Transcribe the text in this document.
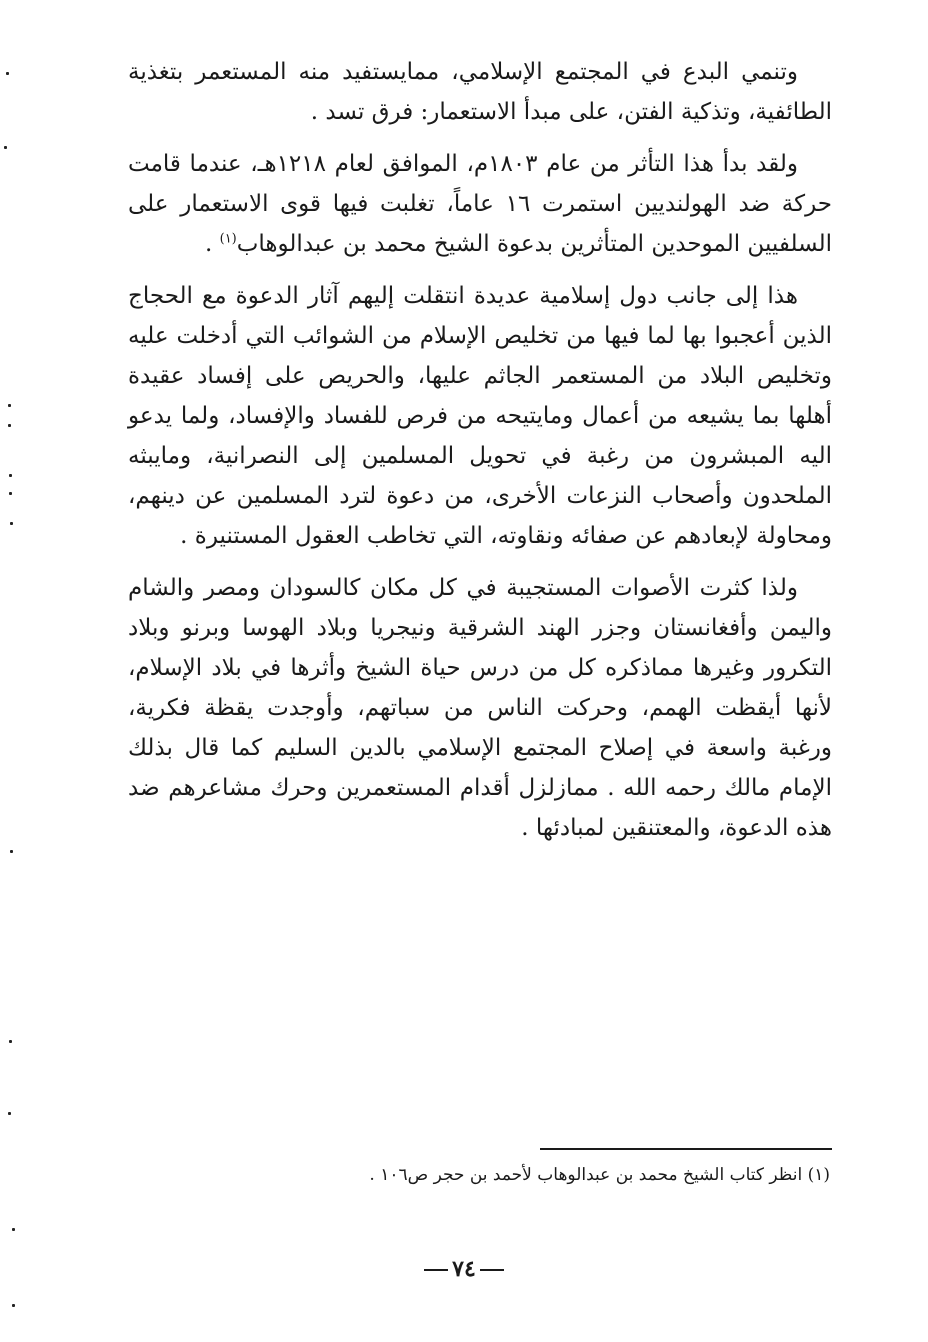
وتنمي البدع في المجتمع الإسلامي، ممايستفيد منه المستعمر بتغذية الطائفية، وتذكية الفتن، على مبدأ الاستعمار: فرق تسد .

ولقد بدأ هذا التأثر من عام ١٨٠٣م، الموافق لعام ١٢١٨هـ، عندما قامت حركة ضد الهولنديين استمرت ١٦ عاماً، تغلبت فيها قوى الاستعمار على السلفيين الموحدين المتأثرين بدعوة الشيخ محمد بن عبدالوهاب$^{(١)}$ .

هذا إلى جانب دول إسلامية عديدة انتقلت إليهم آثار الدعوة مع الحجاج الذين أعجبوا بها لما فيها من تخليص الإسلام من الشوائب التي أدخلت عليه وتخليص البلاد من المستعمر الجاثم عليها، والحريص على إفساد عقيدة أهلها بما يشيعه من أعمال ومايتيحه من فرص للفساد والإفساد، ولما يدعو اليه المبشرون من رغبة في تحويل المسلمين إلى النصرانية، ومايبثه الملحدون وأصحاب النزعات الأخرى، من دعوة لترد المسلمين عن دينهم، ومحاولة لإبعادهم عن صفائه ونقاوته، التي تخاطب العقول المستنيرة .

ولذا كثرت الأصوات المستجيبة في كل مكان كالسودان ومصر والشام واليمن وأفغانستان وجزر الهند الشرقية ونيجريا وبلاد الهوسا وبرنو وبلاد التكرور وغيرها مماذكره كل من درس حياة الشيخ وأثرها في بلاد الإسلام، لأنها أيقظت الهمم، وحركت الناس من سباتهم، وأوجدت يقظة فكرية، ورغبة واسعة في إصلاح المجتمع الإسلامي بالدين السليم كما قال بذلك الإمام مالك رحمه الله . ممازلزل أقدام المستعمرين وحرك مشاعرهم ضد هذه الدعوة، والمعتنقين لمبادئها .

(١) انظر كتاب الشيخ محمد بن عبدالوهاب لأحمد بن حجر ص١٠٦ .
٧٤
